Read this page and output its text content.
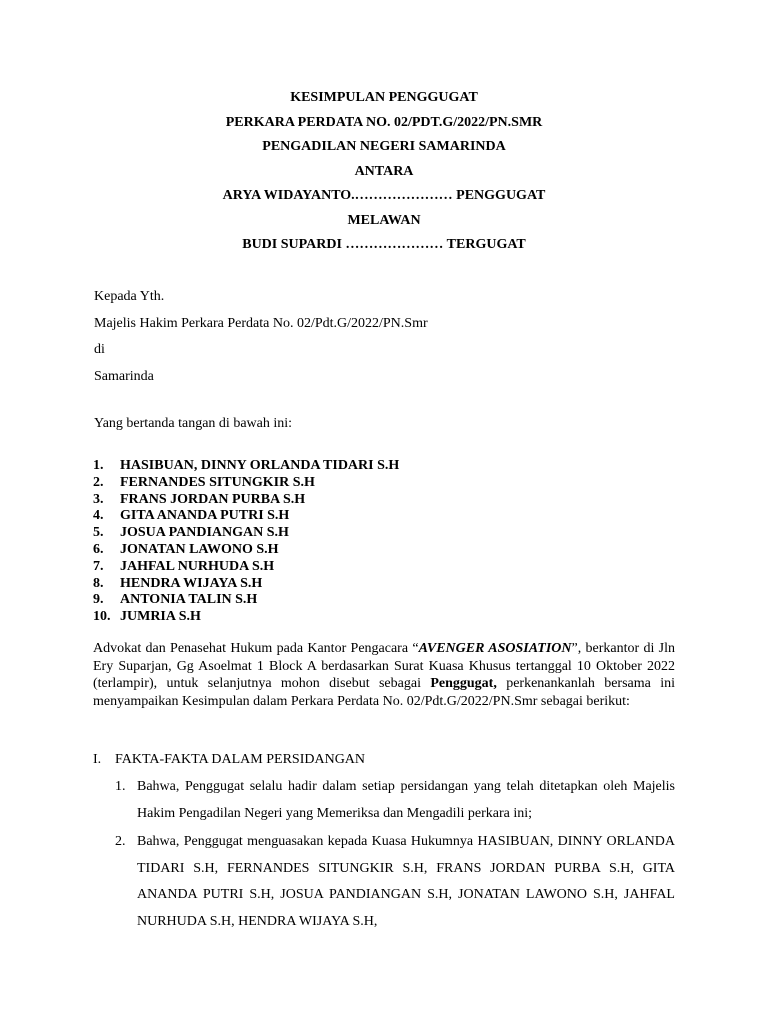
KESIMPULAN PENGGUGAT
PERKARA PERDATA NO. 02/PDT.G/2022/PN.SMR
PENGADILAN NEGERI SAMARINDA
ANTARA
ARYA WIDAYANTO.………………… PENGGUGAT
MELAWAN
BUDI SUPARDI ………………… TERGUGAT
Kepada Yth.
Majelis Hakim Perkara Perdata No. 02/Pdt.G/2022/PN.Smr
di
Samarinda
Yang bertanda tangan di bawah ini:
1. HASIBUAN, DINNY ORLANDA TIDARI S.H
2. FERNANDES SITUNGKIR S.H
3. FRANS JORDAN PURBA S.H
4. GITA ANANDA PUTRI S.H
5. JOSUA PANDIANGAN S.H
6. JONATAN LAWONO S.H
7. JAHFAL NURHUDA S.H
8. HENDRA WIJAYA S.H
9. ANTONIA TALIN S.H
10. JUMRIA S.H
Advokat dan Penasehat Hukum pada Kantor Pengacara “AVENGER ASOSIATION”, berkantor di Jln Ery Suparjan, Gg Asoelmat 1 Block A berdasarkan Surat Kuasa Khusus tertanggal 10 Oktober 2022 (terlampir), untuk selanjutnya mohon disebut sebagai Penggugat, perkenankanlah bersama ini menyampaikan Kesimpulan dalam Perkara Perdata No. 02/Pdt.G/2022/PN.Smr sebagai berikut:
I. FAKTA-FAKTA DALAM PERSIDANGAN
1. Bahwa, Penggugat selalu hadir dalam setiap persidangan yang telah ditetapkan oleh Majelis Hakim Pengadilan Negeri yang Memeriksa dan Mengadili perkara ini;
2. Bahwa, Penggugat menguasakan kepada Kuasa Hukumnya HASIBUAN, DINNY ORLANDA TIDARI S.H, FERNANDES SITUNGKIR S.H, FRANS JORDAN PURBA S.H, GITA ANANDA PUTRI S.H, JOSUA PANDIANGAN S.H, JONATAN LAWONO S.H, JAHFAL NURHUDA S.H, HENDRA WIJAYA S.H,
